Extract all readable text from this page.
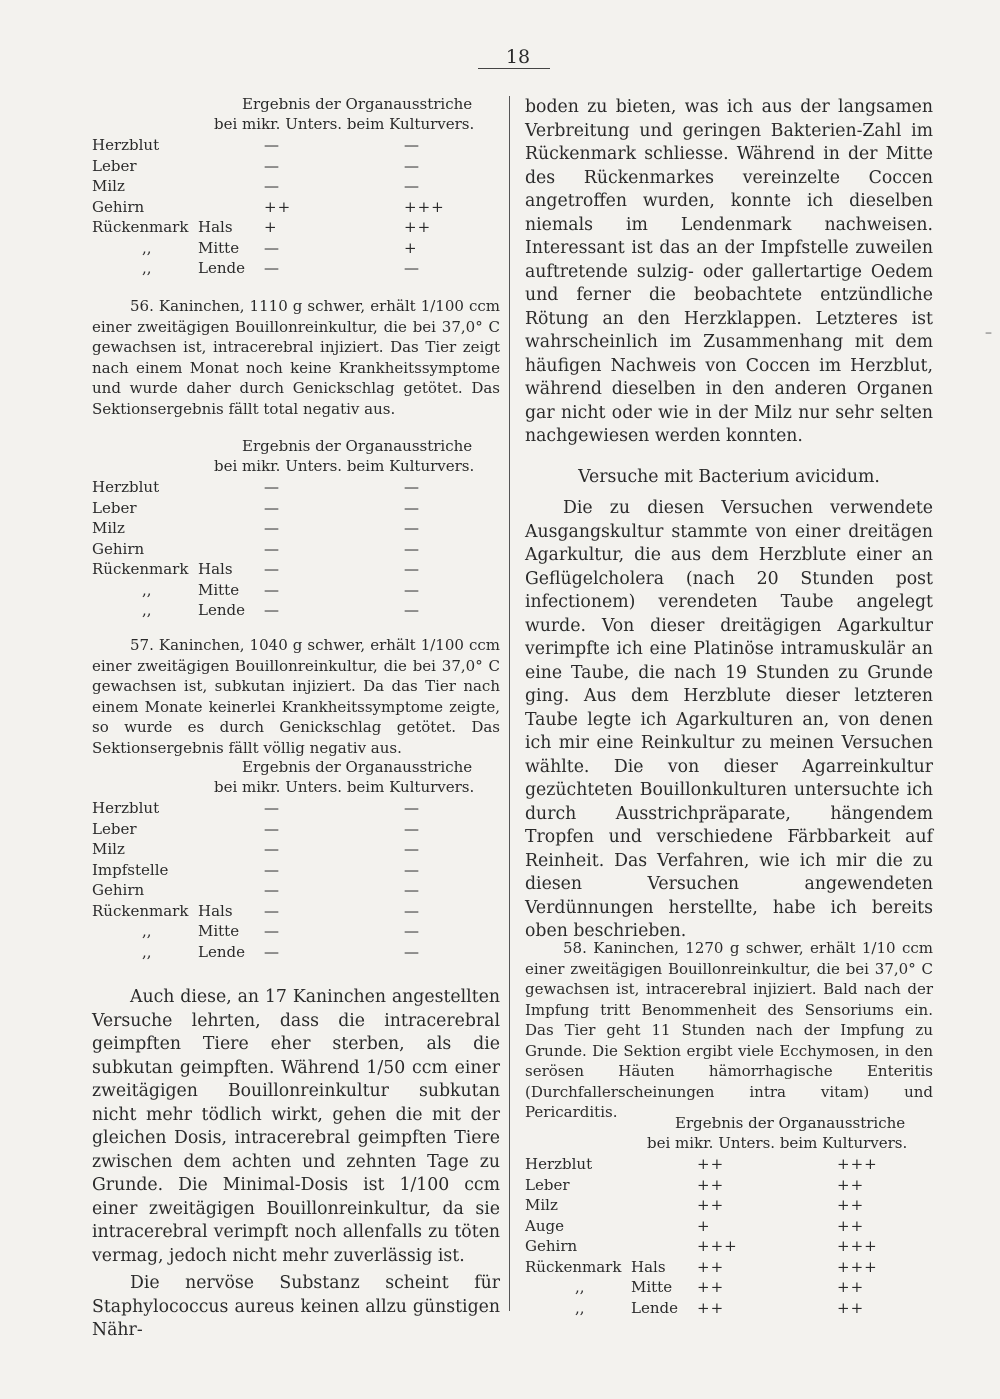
18
–
Ergebnis der Organausstriche
bei mikr. Unters. beim Kulturvers.
Herzblut	—	—
Leber	—	—
Milz	—	—
Gehirn	++	+++
Rückenmark Hals +	++
,,	Mitte —	+
,,	Lende —	—

56. Kaninchen, 1110 g schwer, erhält 1/100 ccm einer zweitägigen Bouillonreinkultur, die bei 37,0° C gewachsen ist, intracerebral injiziert. Das Tier zeigt nach einem Monat noch keine Krankheitssymptome und wurde daher durch Genickschlag getötet. Das Sektionsergebnis fällt total negativ aus.

Ergebnis der Organausstriche
bei mikr. Unters. beim Kulturvers.
Herzblut	—	—
Leber	—	—
Milz	—	—
Gehirn	—	—
Rückenmark Hals —	—
,,	Mitte —	—
,,	Lende —	—

57. Kaninchen, 1040 g schwer, erhält 1/100 ccm einer zweitägigen Bouillonreinkultur, die bei 37,0° C gewachsen ist, subkutan injiziert. Da das Tier nach einem Monate keinerlei Krankheitssymptome zeigte, so wurde es durch Genickschlag getötet. Das Sektionsergebnis fällt völlig negativ aus.

Ergebnis der Organausstriche
bei mikr. Unters. beim Kulturvers.
Herzblut	—	—
Leber	—	—
Milz	—	—
Impfstelle	—	—
Gehirn	—	—
Rückenmark Hals —	—
,,	Mitte —	—
,,	Lende —	—

Auch diese, an 17 Kaninchen angestellten Versuche lehrten, dass die intracerebral geimpften Tiere eher sterben, als die subkutan geimpften. Während 1/50 ccm einer zweitägigen Bouillonreinkultur subkutan nicht mehr tödlich wirkt, gehen die mit der gleichen Dosis, intracerebral geimpften Tiere zwischen dem achten und zehnten Tage zu Grunde. Die Minimal-Dosis ist 1/100 ccm einer zweitägigen Bouillonreinkultur, da sie intracerebral verimpft noch allenfalls zu töten vermag, jedoch nicht mehr zuverlässig ist.

Die nervöse Substanz scheint für Staphylococcus aureus keinen allzu günstigen Nähr-

boden zu bieten, was ich aus der langsamen Verbreitung und geringen Bakterien-Zahl im Rückenmark schliesse. Während in der Mitte des Rückenmarkes vereinzelte Coccen angetroffen wurden, konnte ich dieselben niemals im Lendenmark nachweisen. Interessant ist das an der Impfstelle zuweilen auftretende sulzig- oder gallertartige Oedem und ferner die beobachtete entzündliche Rötung an den Herzklappen. Letzteres ist wahrscheinlich im Zusammenhang mit dem häufigen Nachweis von Coccen im Herzblut, während dieselben in den anderen Organen gar nicht oder wie in der Milz nur sehr selten nachgewiesen werden konnten.

Versuche mit Bacterium avicidum.

Die zu diesen Versuchen verwendete Ausgangskultur stammte von einer dreitägen Agarkultur, die aus dem Herzblute einer an Geflügelcholera (nach 20 Stunden post infectionem) verendeten Taube angelegt wurde. Von dieser dreitägigen Agarkultur verimpfte ich eine Platinöse intramuskulär an eine Taube, die nach 19 Stunden zu Grunde ging. Aus dem Herzblute dieser letzteren Taube legte ich Agarkulturen an, von denen ich mir eine Reinkultur zu meinen Versuchen wählte. Die von dieser Agarreinkultur gezüchteten Bouillonkulturen untersuchte ich durch Ausstrichpräparate, hängendem Tropfen und verschiedene Färbbarkeit auf Reinheit. Das Verfahren, wie ich mir die zu diesen Versuchen angewendeten Verdünnungen herstellte, habe ich bereits oben beschrieben.

58. Kaninchen, 1270 g schwer, erhält 1/10 ccm einer zweitägigen Bouillonreinkultur, die bei 37,0° C gewachsen ist, intracerebral injiziert. Bald nach der Impfung tritt Benommenheit des Sensoriums ein. Das Tier geht 11 Stunden nach der Impfung zu Grunde. Die Sektion ergibt viele Ecchymosen, in den serösen Häuten hämorrhagische Enteritis (Durchfallerscheinungen intra vitam) und Pericarditis.

Ergebnis der Organausstriche
bei mikr. Unters. beim Kulturvers.
Herzblut	++	+++
Leber	++	++
Milz	++	++
Auge	+	++
Gehirn	+++	+++
Rückenmark Hals ++	+++
,,	Mitte ++	++
,,	Lende ++	++
